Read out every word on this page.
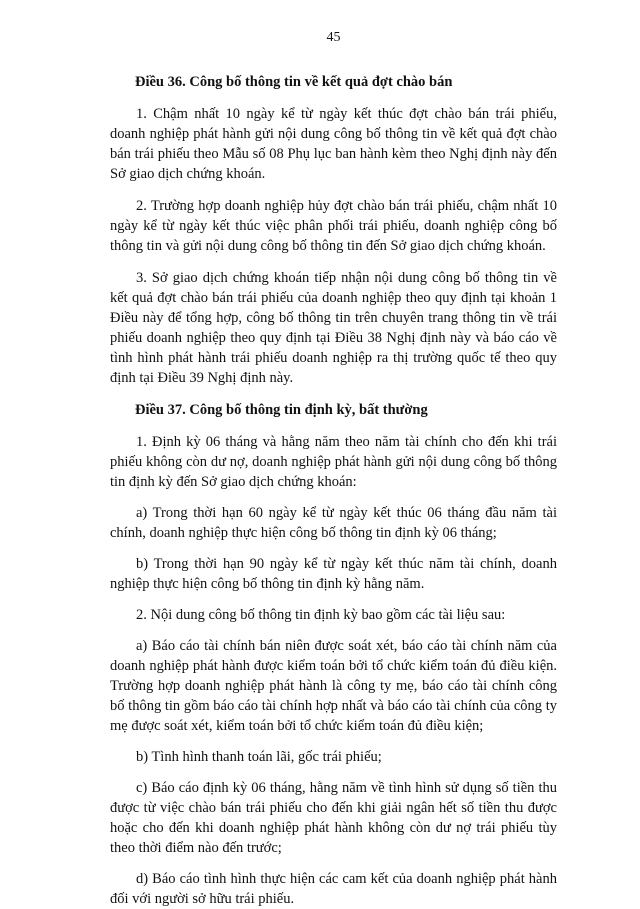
45
Điều 36. Công bố thông tin về kết quả đợt chào bán

1. Chậm nhất 10 ngày kể từ ngày kết thúc đợt chào bán trái phiếu, doanh nghiệp phát hành gửi nội dung công bố thông tin về kết quả đợt chào bán trái phiếu theo Mẫu số 08 Phụ lục ban hành kèm theo Nghị định này đến Sở giao dịch chứng khoán.

2. Trường hợp doanh nghiệp hủy đợt chào bán trái phiếu, chậm nhất 10 ngày kể từ ngày kết thúc việc phân phối trái phiếu, doanh nghiệp công bố thông tin và gửi nội dung công bố thông tin đến Sở giao dịch chứng khoán.

3. Sở giao dịch chứng khoán tiếp nhận nội dung công bố thông tin về kết quả đợt chào bán trái phiếu của doanh nghiệp theo quy định tại khoản 1 Điều này để tổng hợp, công bố thông tin trên chuyên trang thông tin về trái phiếu doanh nghiệp theo quy định tại Điều 38 Nghị định này và báo cáo về tình hình phát hành trái phiếu doanh nghiệp ra thị trường quốc tế theo quy định tại Điều 39 Nghị định này.

Điều 37. Công bố thông tin định kỳ, bất thường

1. Định kỳ 06 tháng và hằng năm theo năm tài chính cho đến khi trái phiếu không còn dư nợ, doanh nghiệp phát hành gửi nội dung công bố thông tin định kỳ đến Sở giao dịch chứng khoán:

a) Trong thời hạn 60 ngày kể từ ngày kết thúc 06 tháng đầu năm tài chính, doanh nghiệp thực hiện công bố thông tin định kỳ 06 tháng;

b) Trong thời hạn 90 ngày kể từ ngày kết thúc năm tài chính, doanh nghiệp thực hiện công bố thông tin định kỳ hằng năm.

2. Nội dung công bố thông tin định kỳ bao gồm các tài liệu sau:

a) Báo cáo tài chính bán niên được soát xét, báo cáo tài chính năm của doanh nghiệp phát hành được kiểm toán bởi tổ chức kiểm toán đủ điều kiện. Trường hợp doanh nghiệp phát hành là công ty mẹ, báo cáo tài chính công bố thông tin gồm báo cáo tài chính hợp nhất và báo cáo tài chính của công ty mẹ được soát xét, kiểm toán bởi tổ chức kiểm toán đủ điều kiện;

b) Tình hình thanh toán lãi, gốc trái phiếu;

c) Báo cáo định kỳ 06 tháng, hằng năm về tình hình sử dụng số tiền thu được từ việc chào bán trái phiếu cho đến khi giải ngân hết số tiền thu được hoặc cho đến khi doanh nghiệp phát hành không còn dư nợ trái phiếu tùy theo thời điểm nào đến trước;

d) Báo cáo tình hình thực hiện các cam kết của doanh nghiệp phát hành đối với người sở hữu trái phiếu.
